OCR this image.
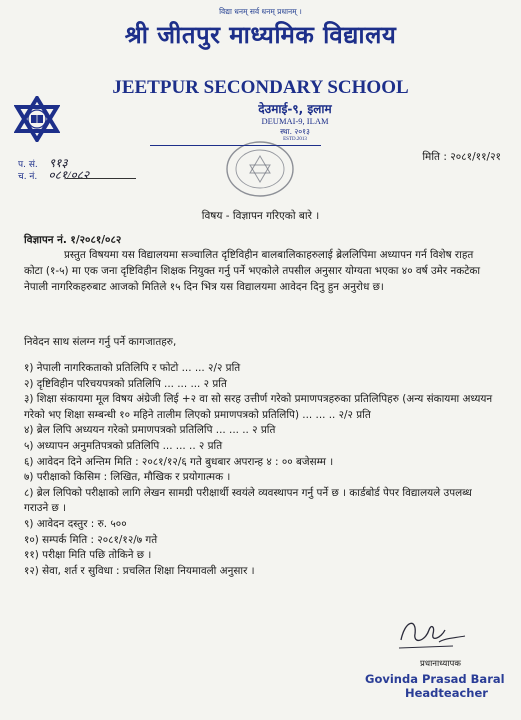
विद्या धनम् सर्व धनम् प्रधानम् ।
श्री जीतपुर माध्यमिक विद्यालय
JEETPUR SECONDARY SCHOOL
देउमाई-९, इलाम
DEUMAI-9, ILAM
स्था. २०१३
ESTD.2013
प. सं. ९१३
च. नं. ०८१/०८२
मिति : २०८१/११/२१
विषय - विज्ञापन गरिएको बारे ।
विज्ञापन नं. १/२०८१/०८२
प्रस्तुत विषयमा यस विद्यालयमा सञ्चालित दृष्टिविहीन बालबालिकाहरुलाई ब्रेललिपिमा अध्यापन गर्न विशेष राहत कोटा (१-५) मा एक जना दृष्टिविहीन शिक्षक नियुक्त गर्नु पर्ने भएकोले तपसील अनुसार योग्यता भएका ४० वर्ष उमेर नकटेका नेपाली नागरिकहरुबाट आजको मितिले १५ दिन भित्र यस विद्यालयमा आवेदन दिनु हुन अनुरोध छ।
निवेदन साथ संलग्न गर्नु पर्ने कागजातहरु,
१) नेपाली नागरिकताको प्रतिलिपि र फोटो ... ... २/२ प्रति
२) दृष्टिविहीन परिचयपत्रको प्रतिलिपि ... ... ... २ प्रति
३) शिक्षा संकायमा मूल विषय अंग्रेजी लिई +२ वा सो सरह उत्तीर्ण गरेको प्रमाणपत्रहरुका प्रतिलिपिहरु (अन्य संकायमा अध्ययन गरेको भए शिक्षा सम्बन्धी १० महिने तालीम लिएको प्रमाणपत्रको प्रतिलिपि) ... ... .. २/२ प्रति
४) ब्रेल लिपि अध्ययन गरेको प्रमाणपत्रको प्रतिलिपि ... ... .. २ प्रति
५) अध्यापन अनुमतिपत्रको प्रतिलिपि ... ... .. २ प्रति
६) आवेदन दिने अन्तिम मिति : २०८१/१२/६ गते बुधबार अपरान्ह ४ : ०० बजेसम्म ।
७) परीक्षाको किसिम : लिखित, मौखिक र प्रयोगात्मक ।
८) ब्रेल लिपिको परीक्षाको लागि लेखन सामग्री परीक्षार्थी स्वयंले व्यवस्थापन गर्नु पर्ने छ । कार्डबोर्ड पेपर विद्यालयले उपलब्ध गराउने छ ।
९) आवेदन दस्तुर : रु. ५००
१०) सम्पर्क मिति : २०८१/१२/७ गते
११) परीक्षा मिति पछि तोकिने छ ।
१२) सेवा, शर्त र सुविधा : प्रचलित शिक्षा नियमावली अनुसार ।
प्रधानाध्यापक
Govinda Prasad Baral
Headteacher
